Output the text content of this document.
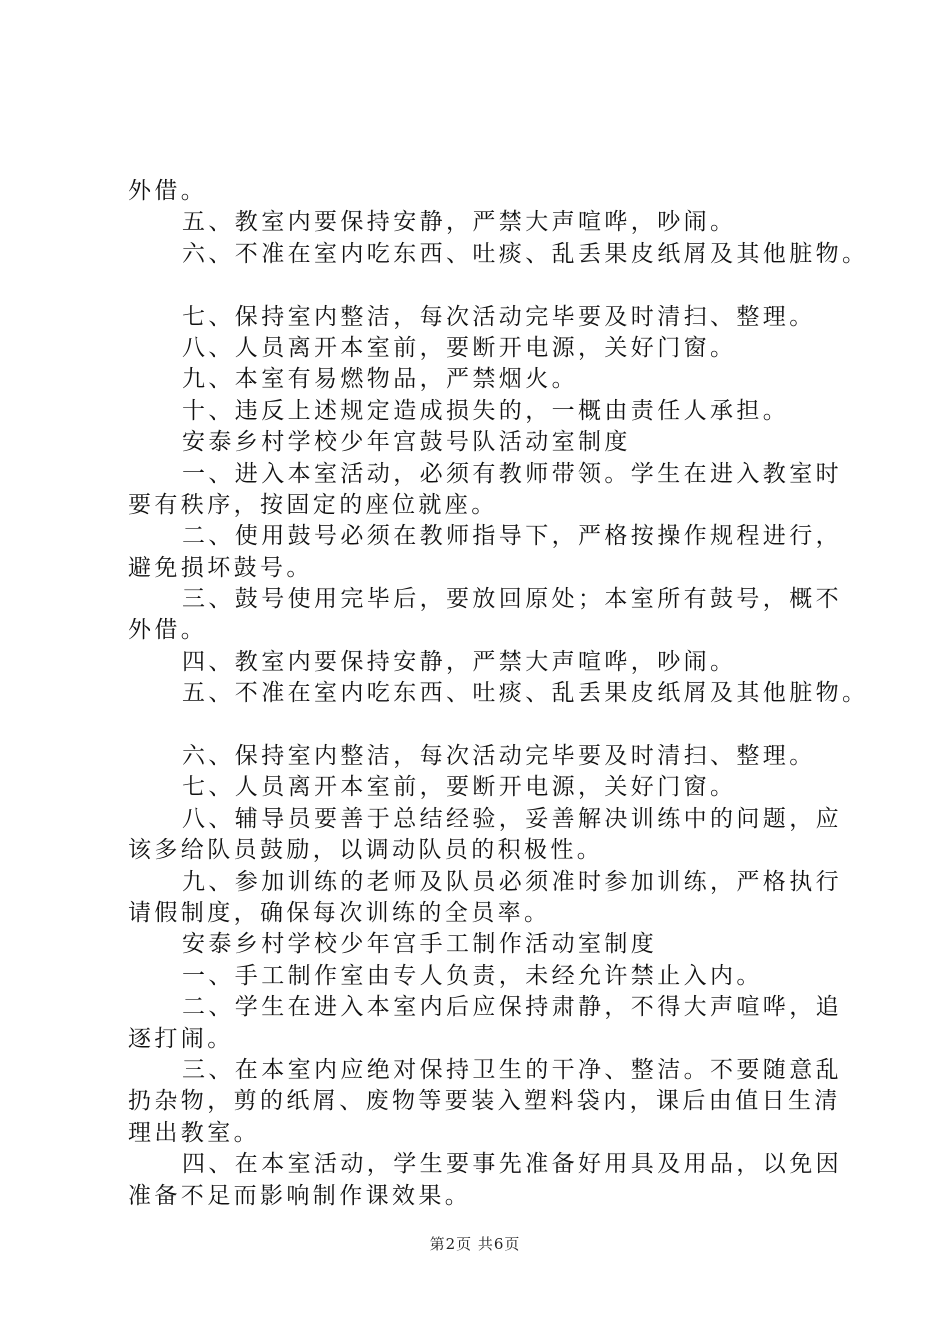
外借。
五、教室内要保持安静，严禁大声喧哗，吵闹。
六、不准在室内吃东西、吐痰、乱丢果皮纸屑及其他脏物。
七、保持室内整洁，每次活动完毕要及时清扫、整理。
八、人员离开本室前，要断开电源，关好门窗。
九、本室有易燃物品，严禁烟火。
十、违反上述规定造成损失的，一概由责任人承担。
安泰乡村学校少年宫鼓号队活动室制度
一、进入本室活动，必须有教师带领。学生在进入教室时
要有秩序，按固定的座位就座。
二、使用鼓号必须在教师指导下，严格按操作规程进行，
避免损坏鼓号。
三、鼓号使用完毕后，要放回原处；本室所有鼓号，概不
外借。
四、教室内要保持安静，严禁大声喧哗，吵闹。
五、不准在室内吃东西、吐痰、乱丢果皮纸屑及其他脏物。
六、保持室内整洁，每次活动完毕要及时清扫、整理。
七、人员离开本室前，要断开电源，关好门窗。
八、辅导员要善于总结经验，妥善解决训练中的问题，应
该多给队员鼓励，以调动队员的积极性。
九、参加训练的老师及队员必须准时参加训练，严格执行
请假制度，确保每次训练的全员率。
安泰乡村学校少年宫手工制作活动室制度
一、手工制作室由专人负责，未经允许禁止入内。
二、学生在进入本室内后应保持肃静，不得大声喧哗，追
逐打闹。
三、在本室内应绝对保持卫生的干净、整洁。不要随意乱
扔杂物，剪的纸屑、废物等要装入塑料袋内，课后由值日生清
理出教室。
四、在本室活动，学生要事先准备好用具及用品，以免因
准备不足而影响制作课效果。
第2页 共6页
